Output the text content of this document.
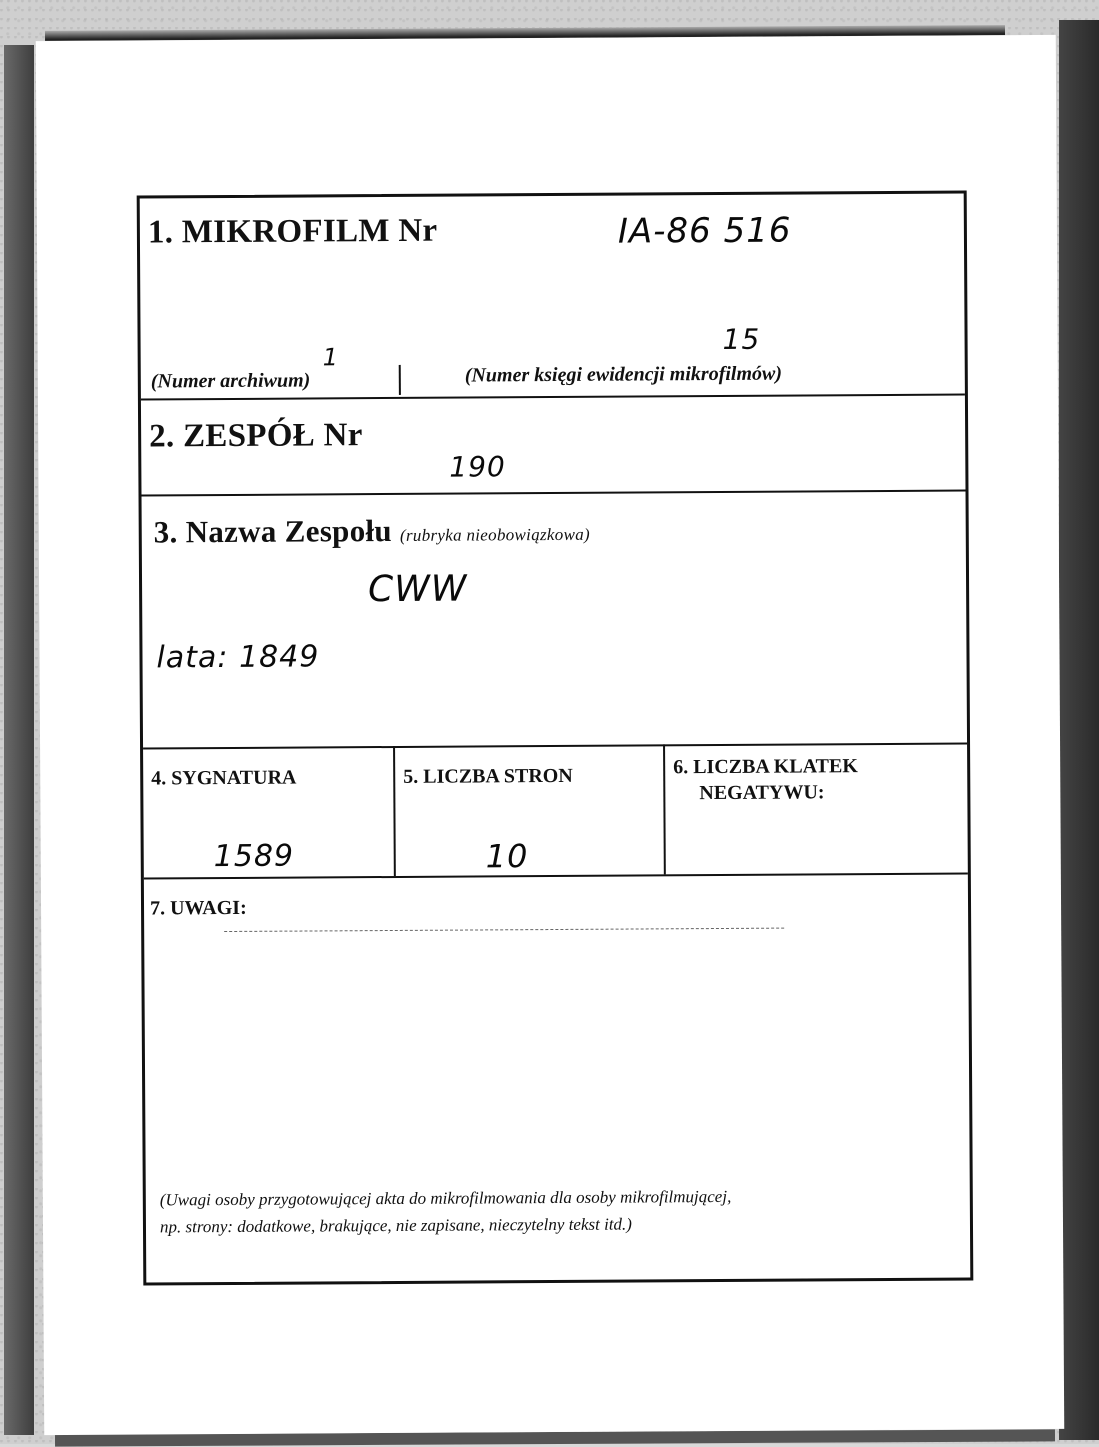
1. MIKROFILM Nr	IA-86 516
1
15
(Numer archiwum)	(Numer księgi ewidencji mikrofilmów)
2. ZESPÓŁ Nr
190
3. Nazwa Zespołu (rubryka nieobowiązkowa)
CWW
lata: 1849
4. SYGNATURA
1589
5. LICZBA STRON
10
6. LICZBA KLATEK
NEGATYWU:
7. UWAGI:
(Uwagi osoby przygotowującej akta do mikrofilmowania dla osoby mikrofilmującej,
np. strony: dodatkowe, brakujące, nie zapisane, nieczytelny tekst itd.)
